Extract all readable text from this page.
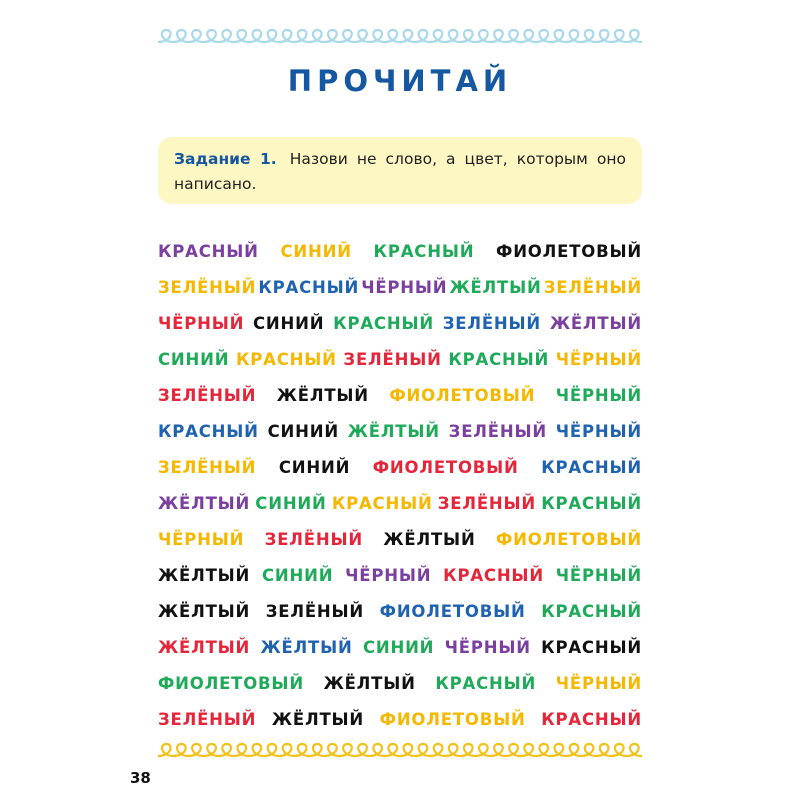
ПРОЧИТАЙ
Задание 1. Назови не слово, а цвет, которым оно написано.
КРАСНЫЙ СИНИЙ КРАСНЫЙ ФИОЛЕТОВЫЙ
ЗЕЛЁНЫЙ КРАСНЫЙ ЧЁРНЫЙ ЖЁЛТЫЙ ЗЕЛЁНЫЙ
ЧЁРНЫЙ СИНИЙ КРАСНЫЙ ЗЕЛЁНЫЙ ЖЁЛТЫЙ
СИНИЙ КРАСНЫЙ ЗЕЛЁНЫЙ КРАСНЫЙ ЧЁРНЫЙ
ЗЕЛЁНЫЙ ЖЁЛТЫЙ ФИОЛЕТОВЫЙ ЧЁРНЫЙ
КРАСНЫЙ СИНИЙ ЖЁЛТЫЙ ЗЕЛЁНЫЙ ЧЁРНЫЙ
ЗЕЛЁНЫЙ СИНИЙ ФИОЛЕТОВЫЙ КРАСНЫЙ
ЖЁЛТЫЙ СИНИЙ КРАСНЫЙ ЗЕЛЁНЫЙ КРАСНЫЙ
ЧЁРНЫЙ ЗЕЛЁНЫЙ ЖЁЛТЫЙ ФИОЛЕТОВЫЙ
ЖЁЛТЫЙ СИНИЙ ЧЁРНЫЙ КРАСНЫЙ ЧЁРНЫЙ
ЖЁЛТЫЙ ЗЕЛЁНЫЙ ФИОЛЕТОВЫЙ КРАСНЫЙ
ЖЁЛТЫЙ ЖЁЛТЫЙ СИНИЙ ЧЁРНЫЙ КРАСНЫЙ
ФИОЛЕТОВЫЙ ЖЁЛТЫЙ КРАСНЫЙ ЧЁРНЫЙ
ЗЕЛЁНЫЙ ЖЁЛТЫЙ ФИОЛЕТОВЫЙ КРАСНЫЙ
38
